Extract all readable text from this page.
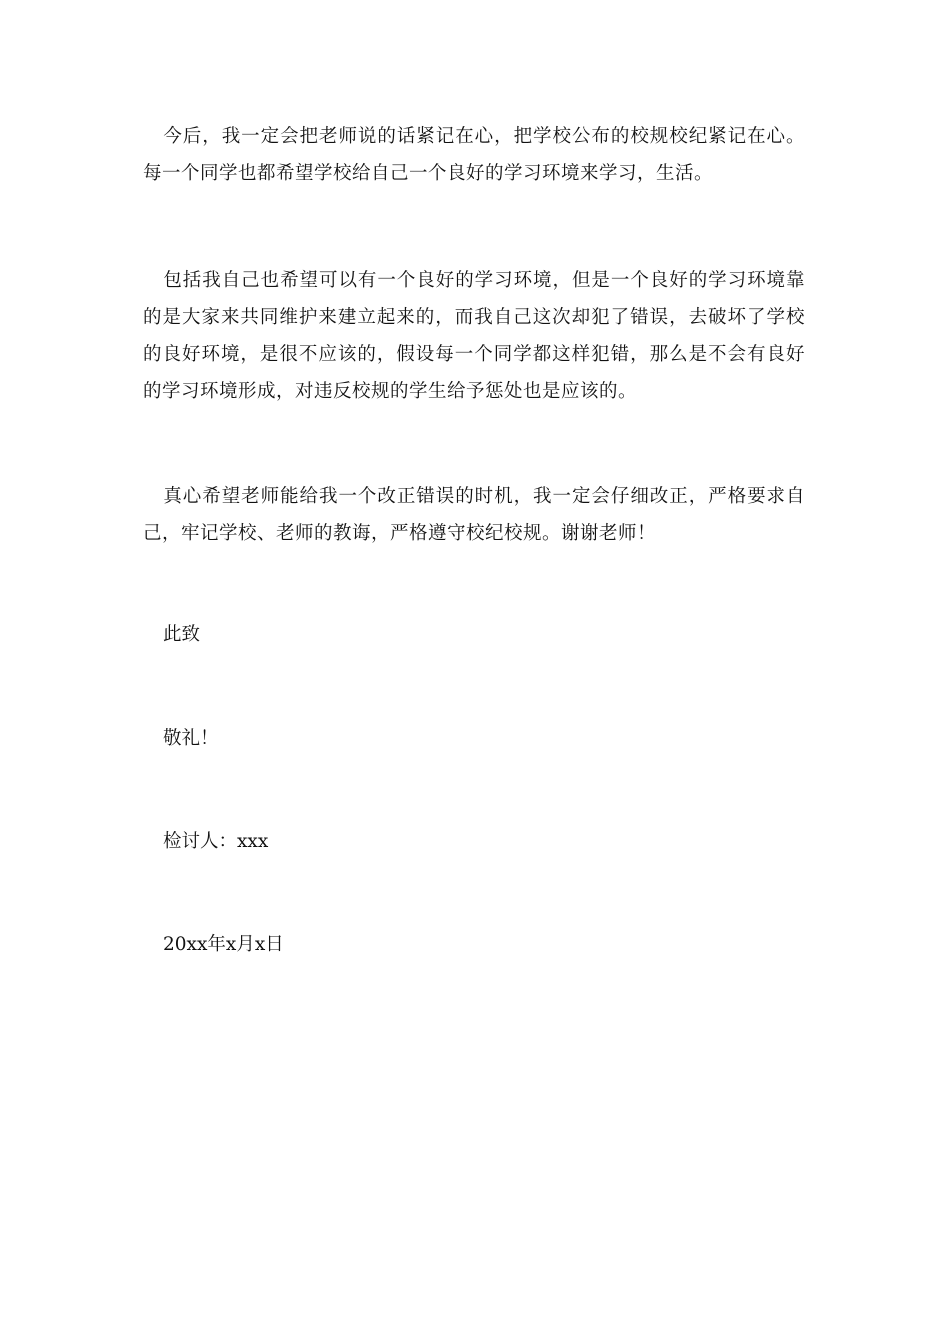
今后，我一定会把老师说的话紧记在心，把学校公布的校规校纪紧记在心。每一个同学也都希望学校给自己一个良好的学习环境来学习，生活。

包括我自己也希望可以有一个良好的学习环境，但是一个良好的学习环境靠的是大家来共同维护来建立起来的，而我自己这次却犯了错误，去破坏了学校的良好环境，是很不应该的，假设每一个同学都这样犯错，那么是不会有良好的学习环境形成，对违反校规的学生给予惩处也是应该的。

真心希望老师能给我一个改正错误的时机，我一定会仔细改正，严格要求自己，牢记学校、老师的教诲，严格遵守校纪校规。谢谢老师！

此致

敬礼！

检讨人：xxx

20xx年x月x日
